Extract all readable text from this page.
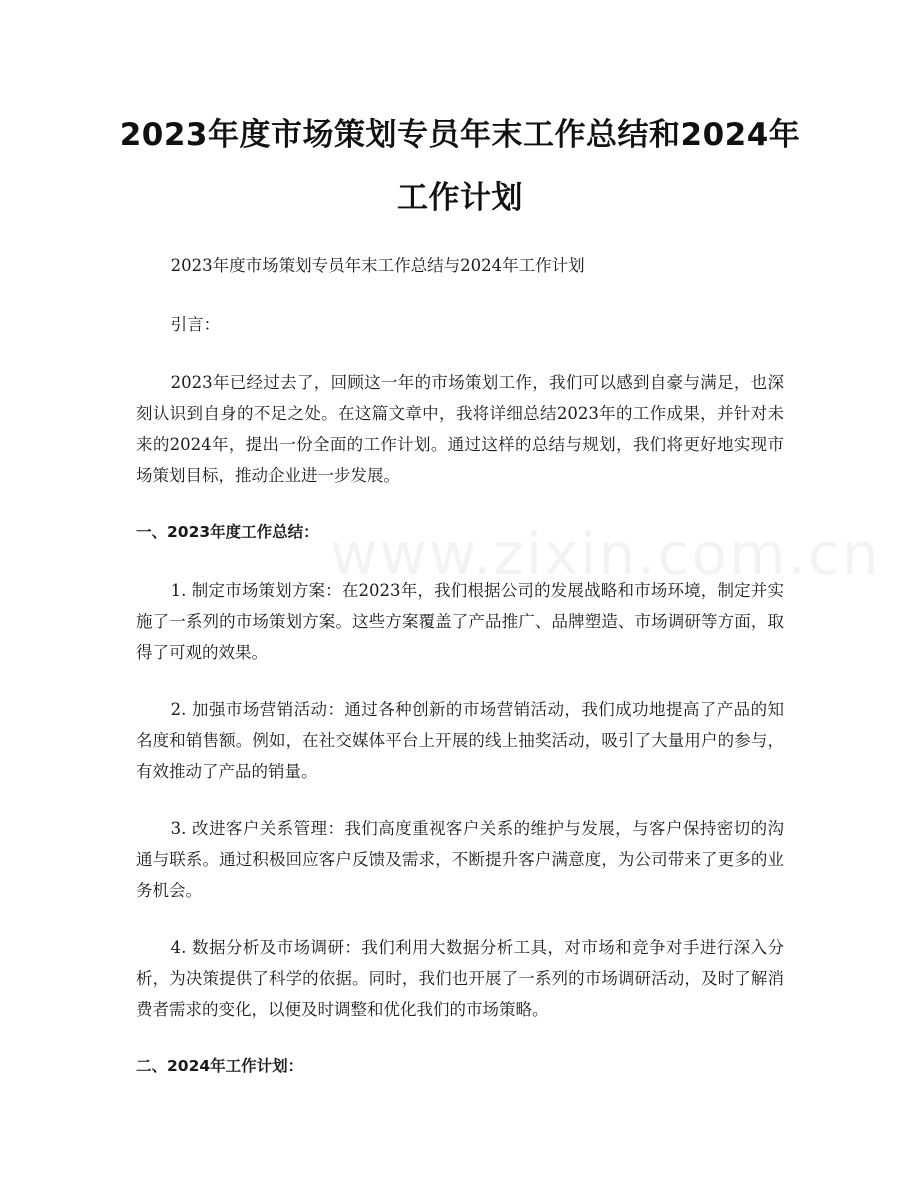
2023年度市场策划专员年末工作总结和2024年工作计划

2023年度市场策划专员年末工作总结与2024年工作计划

引言：

2023年已经过去了，回顾这一年的市场策划工作，我们可以感到自豪与满足，也深刻认识到自身的不足之处。在这篇文章中，我将详细总结2023年的工作成果，并针对未来的2024年，提出一份全面的工作计划。通过这样的总结与规划，我们将更好地实现市场策划目标，推动企业进一步发展。

一、2023年度工作总结：

1. 制定市场策划方案：在2023年，我们根据公司的发展战略和市场环境，制定并实施了一系列的市场策划方案。这些方案覆盖了产品推广、品牌塑造、市场调研等方面，取得了可观的效果。

2. 加强市场营销活动：通过各种创新的市场营销活动，我们成功地提高了产品的知名度和销售额。例如，在社交媒体平台上开展的线上抽奖活动，吸引了大量用户的参与，有效推动了产品的销量。

3. 改进客户关系管理：我们高度重视客户关系的维护与发展，与客户保持密切的沟通与联系。通过积极回应客户反馈及需求，不断提升客户满意度，为公司带来了更多的业务机会。

4. 数据分析及市场调研：我们利用大数据分析工具，对市场和竞争对手进行深入分析，为决策提供了科学的依据。同时，我们也开展了一系列的市场调研活动，及时了解消费者需求的变化，以便及时调整和优化我们的市场策略。

二、2024年工作计划：
